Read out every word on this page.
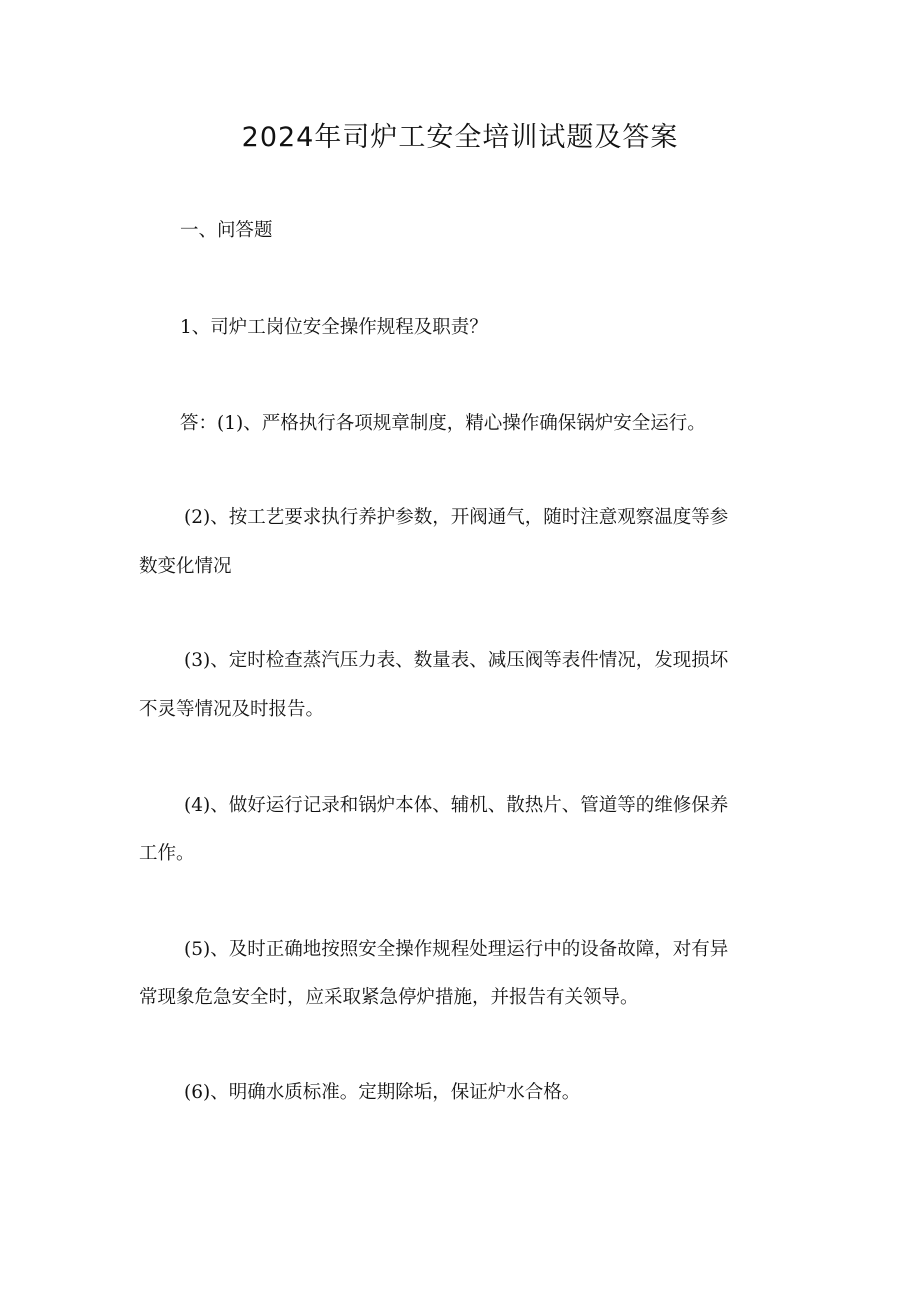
2024年司炉工安全培训试题及答案

一、问答题

1、司炉工岗位安全操作规程及职责？

答：(1)、严格执行各项规章制度，精心操作确保锅炉安全运行。

(2)、按工艺要求执行养护参数，开阀通气，随时注意观察温度等参

数变化情况

(3)、定时检查蒸汽压力表、数量表、减压阀等表件情况，发现损坏

不灵等情况及时报告。

(4)、做好运行记录和锅炉本体、辅机、散热片、管道等的维修保养

工作。

(5)、及时正确地按照安全操作规程处理运行中的设备故障，对有异

常现象危急安全时，应采取紧急停炉措施，并报告有关领导。

(6)、明确水质标准。定期除垢，保证炉水合格。
